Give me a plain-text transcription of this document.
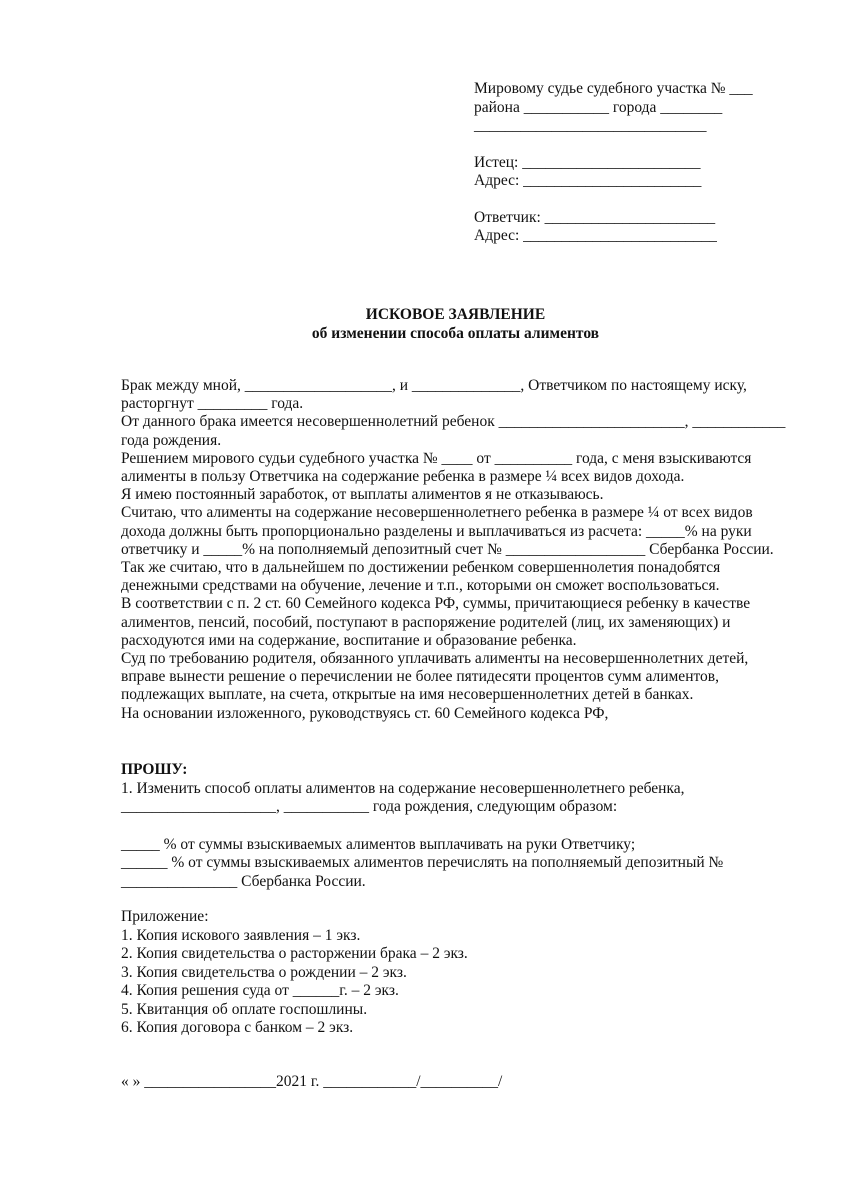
Мировому судье судебного участка № ___

района ___________ города ________

______________________________

Истец: _______________________

Адрес: _______________________

Ответчик: ______________________

Адрес: _________________________

ИСКОВОЕ ЗАЯВЛЕНИЕ
об изменении способа оплаты алиментов

Брак между мной, ___________________, и ______________, Ответчиком по настоящему иску,

расторгнут _________ года.

От данного брака имеется несовершеннолетний ребенок ________________________, ____________

года рождения.

Решением мирового судьи судебного участка № ____ от __________ года, с меня взыскиваются

алименты в пользу Ответчика на содержание ребенка в размере ¼ всех видов дохода.

Я имею постоянный заработок, от выплаты алиментов я не отказываюсь.

Считаю, что алименты на содержание несовершеннолетнего ребенка в размере ¼ от всех видов

дохода должны быть пропорционально разделены и выплачиваться из расчета: _____% на руки

ответчику и _____% на пополняемый депозитный счет № __________________ Сбербанка России.

Так же считаю, что в дальнейшем по достижении ребенком совершеннолетия понадобятся

денежными средствами на обучение, лечение и т.п., которыми он сможет воспользоваться.

В соответствии с п. 2 ст. 60 Семейного кодекса РФ, суммы, причитающиеся ребенку в качестве

алиментов, пенсий, пособий, поступают в распоряжение родителей (лиц, их заменяющих) и

расходуются ими на содержание, воспитание и образование ребенка.

Суд по требованию родителя, обязанного уплачивать алименты на несовершеннолетних детей,

вправе вынести решение о перечислении не более пятидесяти процентов сумм алиментов,

подлежащих выплате, на счета, открытые на имя несовершеннолетних детей в банках.

На основании изложенного, руководствуясь ст. 60 Семейного кодекса РФ,

ПРОШУ:

1. Изменить способ оплаты алиментов на содержание несовершеннолетнего ребенка,

____________________, ___________ года рождения, следующим образом:

_____ % от суммы взыскиваемых алиментов выплачивать на руки Ответчику;

______ % от суммы взыскиваемых алиментов перечислять на пополняемый депозитный №

_______________ Сбербанка России.

Приложение:

1. Копия искового заявления – 1 экз.

2. Копия свидетельства о расторжении брака – 2 экз.

3. Копия свидетельства о рождении – 2 экз.

4. Копия решения суда от ______г. – 2 экз.

5. Квитанция об оплате госпошлины.

6. Копия договора с банком – 2 экз.

« » _________________2021 г. ____________/__________/
